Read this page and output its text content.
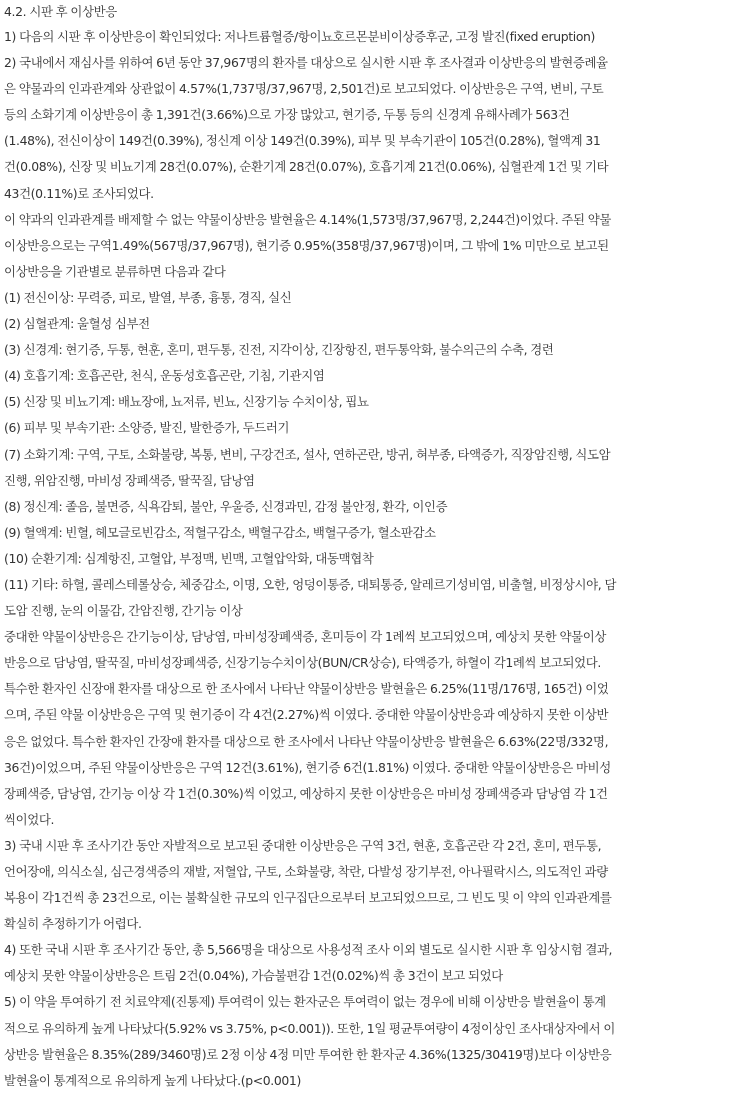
4.2. 시판 후 이상반응
1) 다음의 시판 후 이상반응이 확인되었다: 저나트륨혈증/항이뇨호르몬분비이상증후군, 고정 발진(fixed eruption)
2) 국내에서 재심사를 위하여 6년 동안 37,967명의 환자를 대상으로 실시한 시판 후 조사결과 이상반응의 발현증례율
은 약물과의 인과관계와 상관없이 4.57%(1,737명/37,967명, 2,501건)로 보고되었다. 이상반응은 구역, 변비, 구토
등의 소화기계 이상반응이 총 1,391건(3.66%)으로 가장 많았고, 현기증, 두통 등의 신경계 유해사례가 563건
(1.48%), 전신이상이 149건(0.39%), 정신계 이상 149건(0.39%), 피부 및 부속기관이 105건(0.28%), 혈액계 31
건(0.08%), 신장 및 비뇨기계 28건(0.07%), 순환기계 28건(0.07%), 호흡기계 21건(0.06%), 심혈관계 1건 및 기타
43건(0.11%)로 조사되었다.
이 약과의 인과관계를 배제할 수 없는 약물이상반응 발현율은 4.14%(1,573명/37,967명, 2,244건)이었다. 주된 약물
이상반응으로는 구역1.49%(567명/37,967명), 현기증 0.95%(358명/37,967명)이며, 그 밖에 1% 미만으로 보고된
이상반응을 기관별로 분류하면 다음과 같다
(1) 전신이상: 무력증, 피로, 발열, 부종, 흉통, 경직, 실신
(2) 심혈관계: 울혈성 심부전
(3) 신경계: 현기증, 두통, 현훈, 혼미, 편두통, 진전, 지각이상, 긴장항진, 편두통악화, 불수의근의 수축, 경련
(4) 호흡기계: 호흡곤란, 천식, 운동성호흡곤란, 기침, 기관지염
(5) 신장 및 비뇨기계: 배뇨장애, 뇨저류, 빈뇨, 신장기능 수치이상, 핍뇨
(6) 피부 및 부속기관: 소양증, 발진, 발한증가, 두드러기
(7) 소화기계: 구역, 구토, 소화불량, 복통, 변비, 구강건조, 설사, 연하곤란, 방귀, 혀부종, 타액증가, 직장암진행, 식도암
진행, 위암진행, 마비성 장폐색증, 딸꾹질, 담낭염
(8) 정신계: 졸음, 불면증, 식욕감퇴, 불안, 우울증, 신경과민, 감정 불안정, 환각, 이인증
(9) 혈액계: 빈혈, 헤모글로빈감소, 적혈구감소, 백혈구감소, 백혈구증가, 혈소판감소
(10) 순환기계: 심계항진, 고혈압, 부정맥, 빈맥, 고혈압악화, 대동맥협착
(11) 기타: 하혈, 콜레스테롤상승, 체중감소, 이명, 오한, 엉덩이통증, 대퇴통증, 알레르기성비염, 비출혈, 비정상시야, 담
도암 진행, 눈의 이물감, 간암진행, 간기능 이상
중대한 약물이상반응은 간기능이상, 담낭염, 마비성장폐색증, 혼미등이 각 1례씩 보고되었으며, 예상치 못한 약물이상
반응으로 담낭염, 딸꾹질, 마비성장폐색증, 신장기능수치이상(BUN/CR상승), 타액증가, 하혈이 각1례씩 보고되었다.
특수한 환자인 신장애 환자를 대상으로 한 조사에서 나타난 약물이상반응 발현율은 6.25%(11명/176명, 165건) 이었
으며, 주된 약물 이상반응은 구역 및 현기증이 각 4건(2.27%)씩 이였다. 중대한 약물이상반응과 예상하지 못한 이상반
응은 없었다. 특수한 환자인 간장애 환자를 대상으로 한 조사에서 나타난 약물이상반응 발현율은 6.63%(22명/332명,
36건)이었으며, 주된 약물이상반응은 구역 12건(3.61%), 현기증 6건(1.81%) 이였다. 중대한 약물이상반응은 마비성
장폐색증, 담낭염, 간기능 이상 각 1건(0.30%)씩 이었고, 예상하지 못한 이상반응은 마비성 장폐색증과 담낭염 각 1건
씩이었다.
3) 국내 시판 후 조사기간 동안 자발적으로 보고된 중대한 이상반응은 구역 3건, 현훈, 호흡곤란 각 2건, 혼미, 편두통,
언어장애, 의식소실, 심근경색증의 재발, 저혈압, 구토, 소화불량, 착란, 다발성 장기부전, 아나필락시스, 의도적인 과량
복용이 각1건씩 총 23건으로, 이는 불확실한 규모의 인구집단으로부터 보고되었으므로, 그 빈도 및 이 약의 인과관계를
확실히 추정하기가 어렵다.
4) 또한 국내 시판 후 조사기간 동안, 총 5,566명을 대상으로 사용성적 조사 이외 별도로 실시한 시판 후 임상시험 결과,
예상치 못한 약물이상반응은 트림 2건(0.04%), 가슴불편감 1건(0.02%)씩 총 3건이 보고 되었다
5) 이 약을 투여하기 전 치료약제(진통제) 투여력이 있는 환자군은 투여력이 없는 경우에 비해 이상반응 발현율이 통계
적으로 유의하게 높게 나타났다(5.92% vs 3.75%, p<0.001)). 또한, 1일 평균투여량이 4정이상인 조사대상자에서 이
상반응 발현율은 8.35%(289/3460명)로 2정 이상 4정 미만 투여한 한 환자군 4.36%(1325/30419명)보다 이상반응
발현율이 통계적으로 유의하게 높게 나타났다.(p<0.001)
